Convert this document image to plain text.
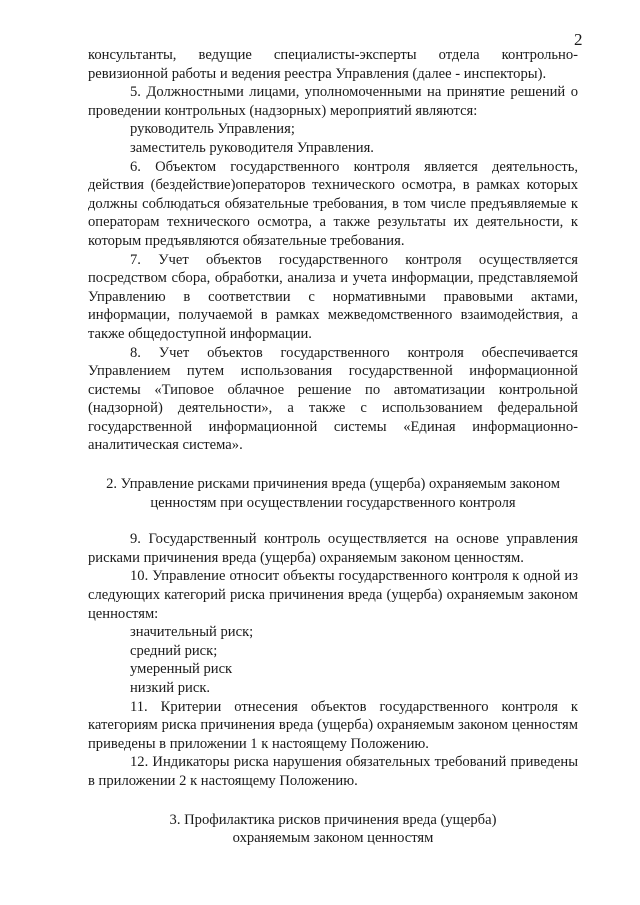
2

консультанты, ведущие специалисты-эксперты отдела контрольно-ревизионной работы и ведения реестра Управления (далее - инспекторы).

5. Должностными лицами, уполномоченными на принятие решений о проведении контрольных (надзорных) мероприятий являются:

руководитель Управления;

заместитель руководителя Управления.

6. Объектом государственного контроля является деятельность, действия (бездействие)операторов технического осмотра, в рамках которых должны соблюдаться обязательные требования, в том числе предъявляемые к операторам технического осмотра, а также результаты их деятельности, к которым предъявляются обязательные требования.

7. Учет объектов государственного контроля осуществляется посредством сбора, обработки, анализа и учета информации, представляемой Управлению в соответствии с нормативными правовыми актами, информации, получаемой в рамках межведомственного взаимодействия, а также общедоступной информации.

8. Учет объектов государственного контроля обеспечивается Управлением путем использования государственной информационной системы «Типовое облачное решение по автоматизации контрольной (надзорной) деятельности», а также с использованием федеральной государственной информационной системы «Единая информационно-аналитическая система».

2. Управление рисками причинения вреда (ущерба) охраняемым законом ценностям при осуществлении государственного контроля

9. Государственный контроль осуществляется на основе управления рисками причинения вреда (ущерба) охраняемым законом ценностям.

10. Управление относит объекты государственного контроля к одной из следующих категорий риска причинения вреда (ущерба) охраняемым законом ценностям:

значительный риск;

средний риск;

умеренный риск

низкий риск.

11. Критерии отнесения объектов государственного контроля к категориям риска причинения вреда (ущерба) охраняемым законом ценностям приведены в приложении 1 к настоящему Положению.

12. Индикаторы риска нарушения обязательных требований приведены в приложении 2 к настоящему Положению.

3. Профилактика рисков причинения вреда (ущерба)

охраняемым законом ценностям
